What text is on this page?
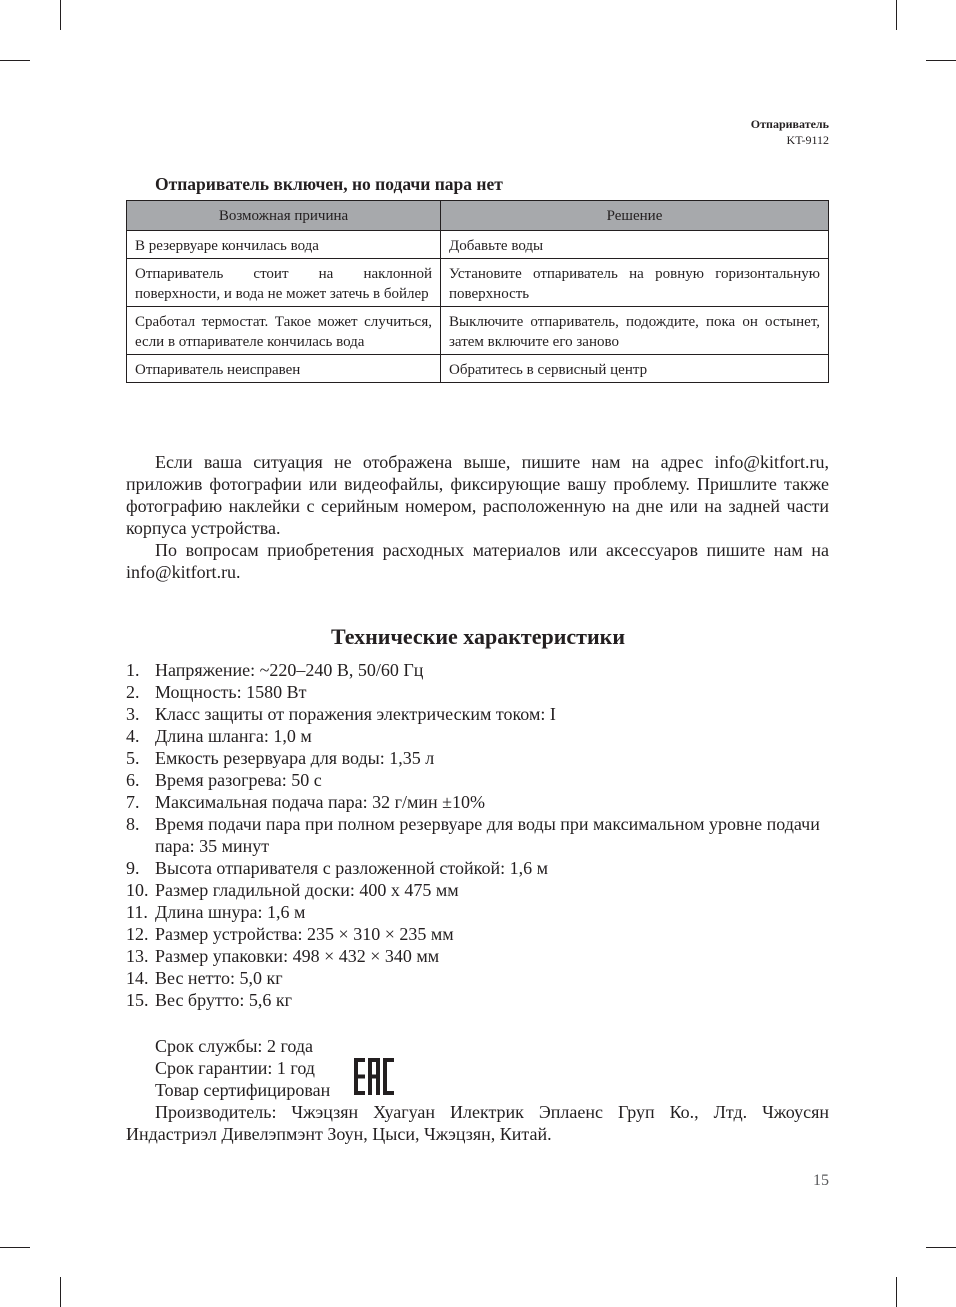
Отпариватель
KT-9112
Отпариватель включен, но подачи пара нет
Возможная причина	Решение
В резервуаре кончилась вода	Добавьте воды
Отпариватель стоит на наклонной поверхности, и вода не может затечь в бойлер	Установите отпариватель на ровную горизонтальную поверхность
Сработал термостат. Такое может случиться, если в отпаривателе кончилась вода	Выключите отпариватель, подождите, пока он остынет, затем включите его заново
Отпариватель неисправен	Обратитесь в сервисный центр

Если ваша ситуация не отображена выше, пишите нам на адрес info@kitfort.ru, приложив фотографии или видеофайлы, фиксирующие вашу проблему. Пришлите также фотографию наклейки с серийным номером, расположенную на дне или на задней части корпуса устройства.

По вопросам приобретения расходных материалов или аксессуаров пишите нам на info@kitfort.ru.

Технические характеристики
1. Напряжение: ~220–240 В, 50/60 Гц
2. Мощность: 1580 Вт
3. Класс защиты от поражения электрическим током: I
4. Длина шланга: 1,0 м
5. Емкость резервуара для воды: 1,35 л
6. Время разогрева: 50 с
7. Максимальная подача пара: 32 г/мин ±10%
8. Время подачи пара при полном резервуаре для воды при максимальном уровне подачи пара: 35 минут
9. Высота отпаривателя с разложенной стойкой: 1,6 м
10. Размер гладильной доски: 400 х 475 мм
11. Длина шнура: 1,6 м
12. Размер устройства: 235 × 310 × 235 мм
13. Размер упаковки: 498 × 432 × 340 мм
14. Вес нетто: 5,0 кг
15. Вес брутто: 5,6 кг
Срок службы: 2 года
Срок гарантии: 1 год
Товар сертифицирован

Производитель: Чжэцзян Хуагуан Илектрик Эплаенс Груп Ко., Лтд. Чжоусян Индастриэл Дивелэпмэнт Зоун, Цыси, Чжэцзян, Китай.

15
